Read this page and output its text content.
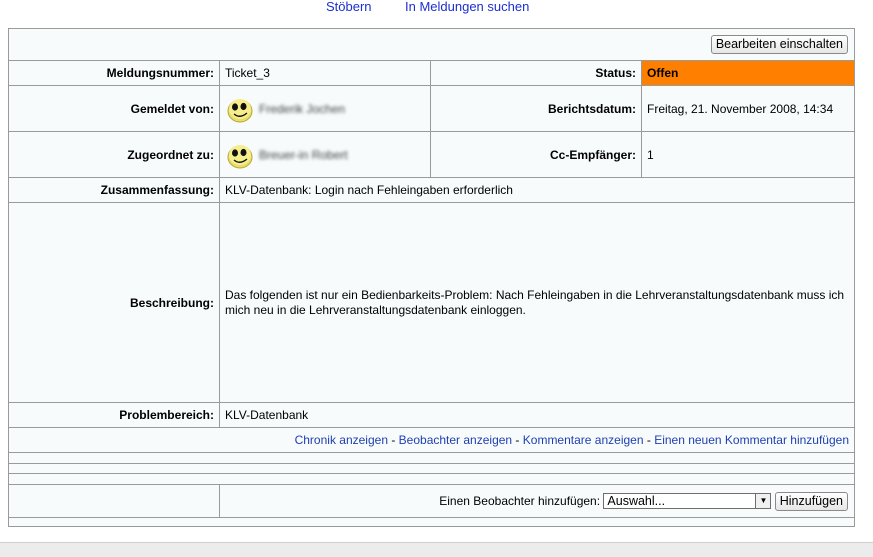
Stöbern	In Meldungen suchen
Bearbeiten einschalten			
Meldungsnummer:	Ticket_3	Status:	Offen
Gemeldet von:	Frederik Jochen	Berichtsdatum:	Freitag, 21. November 2008, 14:34
Zugeordnet zu:	Breuer-in Robert	Cc-Empfänger:	1
Zusammenfassung:	KLV-Datenbank: Login nach Fehleingaben erforderlich		
Beschreibung:	Das folgenden ist nur ein Bedienbarkeits-Problem: Nach Fehleingaben in die Lehrveranstaltungsdatenbank muss ich mich neu in die Lehrveranstaltungsdatenbank einloggen.		
Problembereich:	KLV-Datenbank		
Chronik anzeigen - Beobachter anzeigen - Kommentare anzeigen - Einen neuen Kommentar hinzufügen			

	Einen Beobachter hinzufügen: Auswahl... ▼ Hinzufügen		
